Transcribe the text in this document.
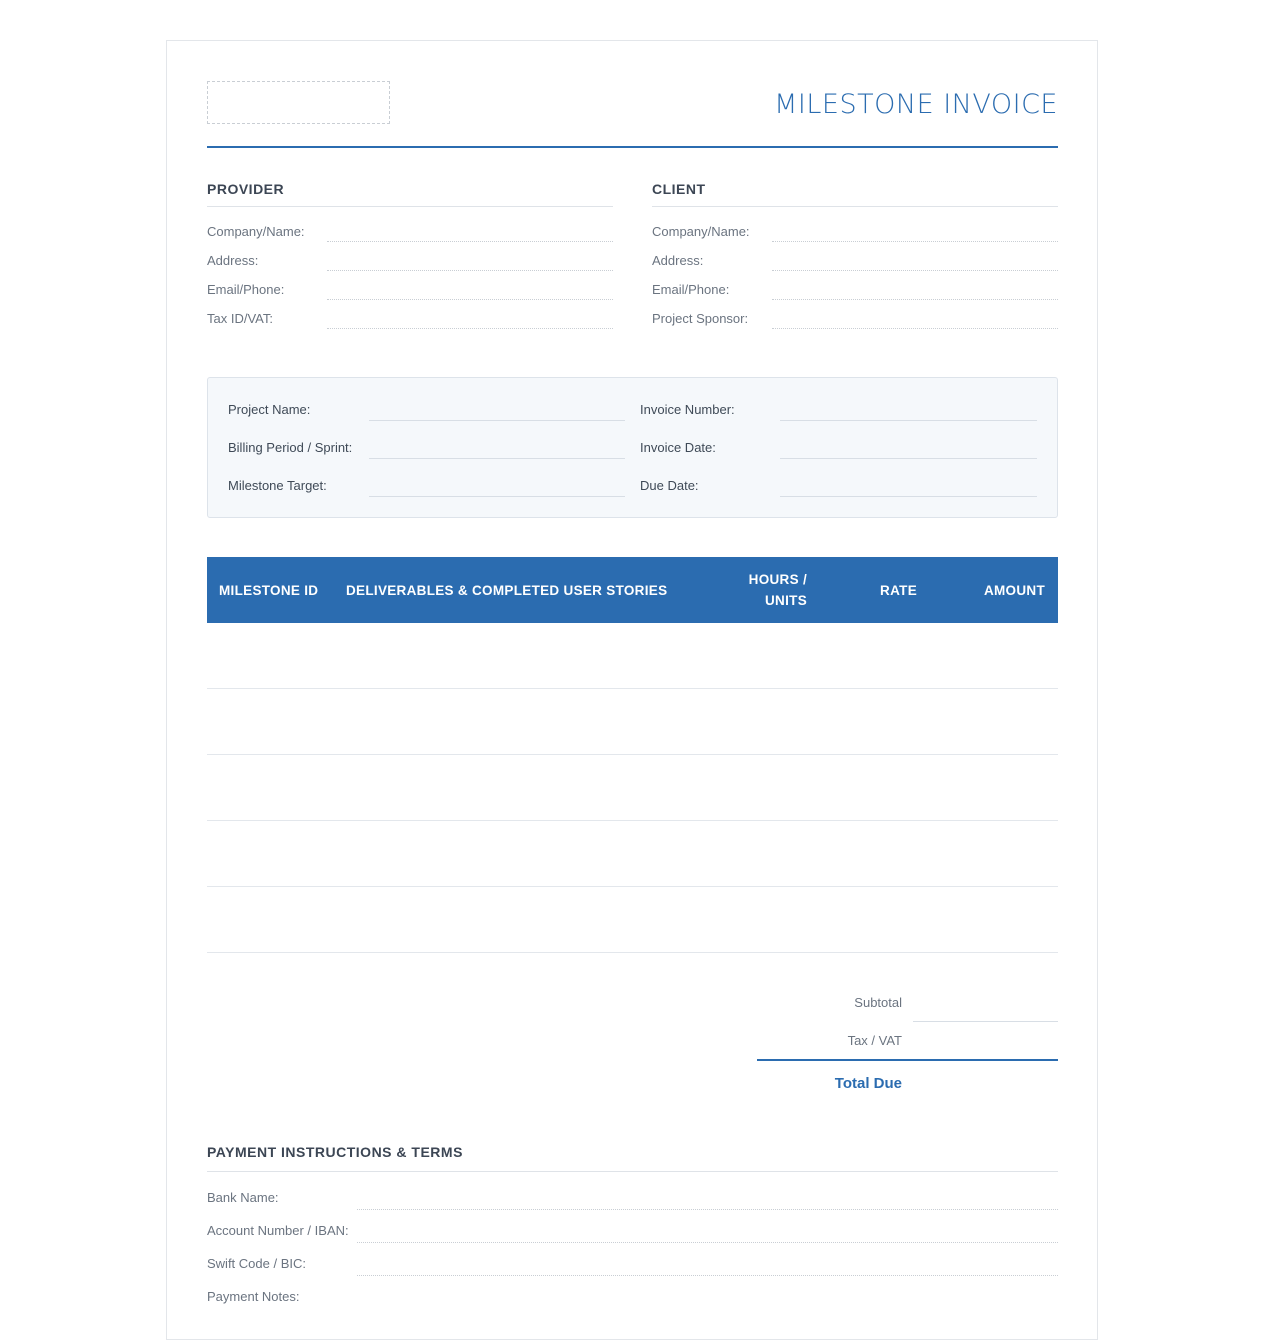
MILESTONE INVOICE
PROVIDER
Company/Name:
Address:
Email/Phone:
Tax ID/VAT:
CLIENT
Company/Name:
Address:
Email/Phone:
Project Sponsor:
Project Name:
Billing Period / Sprint:
Milestone Target:
Invoice Number:
Invoice Date:
Due Date:
MILESTONE ID DELIVERABLES & COMPLETED USER STORIES
HOURS /
UNITS
RATE	AMOUNT
Subtotal
Tax / VAT
Total Due
PAYMENT INSTRUCTIONS & TERMS
Bank Name:
Account Number / IBAN:
Swift Code / BIC:
Payment Notes:
